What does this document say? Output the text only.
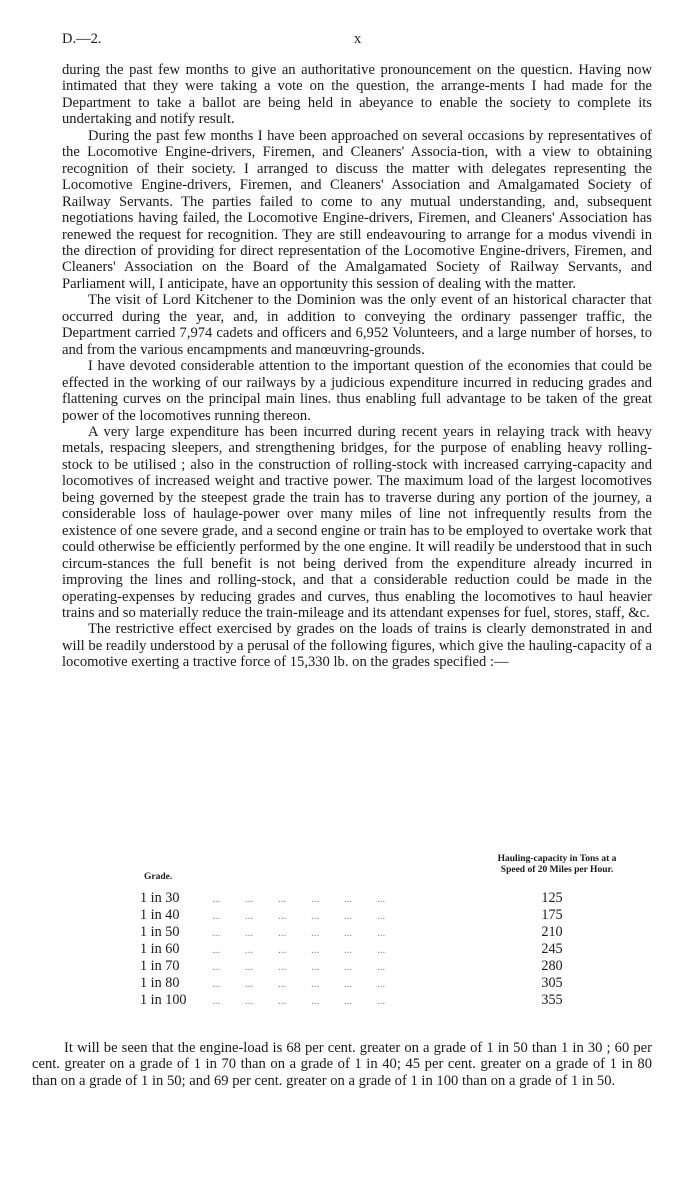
D.—2.	x

during the past few months to give an authoritative pronouncement on the questicn. Having now intimated that they were taking a vote on the question, the arrange-ments I had made for the Department to take a ballot are being held in abeyance to enable the society to complete its undertaking and notify result.

During the past few months I have been approached on several occasions by representatives of the Locomotive Engine-drivers, Firemen, and Cleaners' Associa-tion, with a view to obtaining recognition of their society. I arranged to discuss the matter with delegates representing the Locomotive Engine-drivers, Firemen, and Cleaners' Association and Amalgamated Society of Railway Servants. The parties failed to come to any mutual understanding, and, subsequent negotiations having failed, the Locomotive Engine-drivers, Firemen, and Cleaners' Association has renewed the request for recognition. They are still endeavouring to arrange for a modus vivendi in the direction of providing for direct representation of the Locomotive Engine-drivers, Firemen, and Cleaners' Association on the Board of the Amalgamated Society of Railway Servants, and Parliament will, I anticipate, have an opportunity this session of dealing with the matter.

The visit of Lord Kitchener to the Dominion was the only event of an historical character that occurred during the year, and, in addition to conveying the ordinary passenger traffic, the Department carried 7,974 cadets and officers and 6,952 Volunteers, and a large number of horses, to and from the various encampments and manœuvring-grounds.

I have devoted considerable attention to the important question of the economies that could be effected in the working of our railways by a judicious expenditure incurred in reducing grades and flattening curves on the principal main lines. thus enabling full advantage to be taken of the great power of the locomotives running thereon.

A very large expenditure has been incurred during recent years in relaying track with heavy metals, respacing sleepers, and strengthening bridges, for the purpose of enabling heavy rolling-stock to be utilised ; also in the construction of rolling-stock with increased carrying-capacity and locomotives of increased weight and tractive power. The maximum load of the largest locomotives being governed by the steepest grade the train has to traverse during any portion of the journey, a considerable loss of haulage-power over many miles of line not infrequently results from the existence of one severe grade, and a second engine or train has to be employed to overtake work that could otherwise be efficiently performed by the one engine. It will readily be understood that in such circum-stances the full benefit is not being derived from the expenditure already incurred in improving the lines and rolling-stock, and that a considerable reduction could be made in the operating-expenses by reducing grades and curves, thus enabling the locomotives to haul heavier trains and so materially reduce the train-mileage and its attendant expenses for fuel, stores, staff, &c.

The restrictive effect exercised by grades on the loads of trains is clearly demonstrated in and will be readily understood by a perusal of the following figures, which give the hauling-capacity of a locomotive exerting a tractive force of 15,330 lb. on the grades specified :—

Grade.
Hauling-capacity in Tons at a Speed of 20 Miles per Hour.
1 in 30	...         ...         ...         ...         ...         ...	125
1 in 40	...         ...         ...         ...         ...         ...	175
1 in 50	...         ...         ...         ...         ...         ...	210
1 in 60	...         ...         ...         ...         ...         ...	245
1 in 70	...         ...         ...         ...         ...         ...	280
1 in 80	...         ...         ...         ...         ...         ...	305
1 in 100 ...         ...         ...         ...         ...         ...	355

It will be seen that the engine-load is 68 per cent. greater on a grade of 1 in 50 than 1 in 30 ; 60 per cent. greater on a grade of 1 in 70 than on a grade of 1 in 40; 45 per cent. greater on a grade of 1 in 80 than on a grade of 1 in 50; and 69 per cent. greater on a grade of 1 in 100 than on a grade of 1 in 50.
